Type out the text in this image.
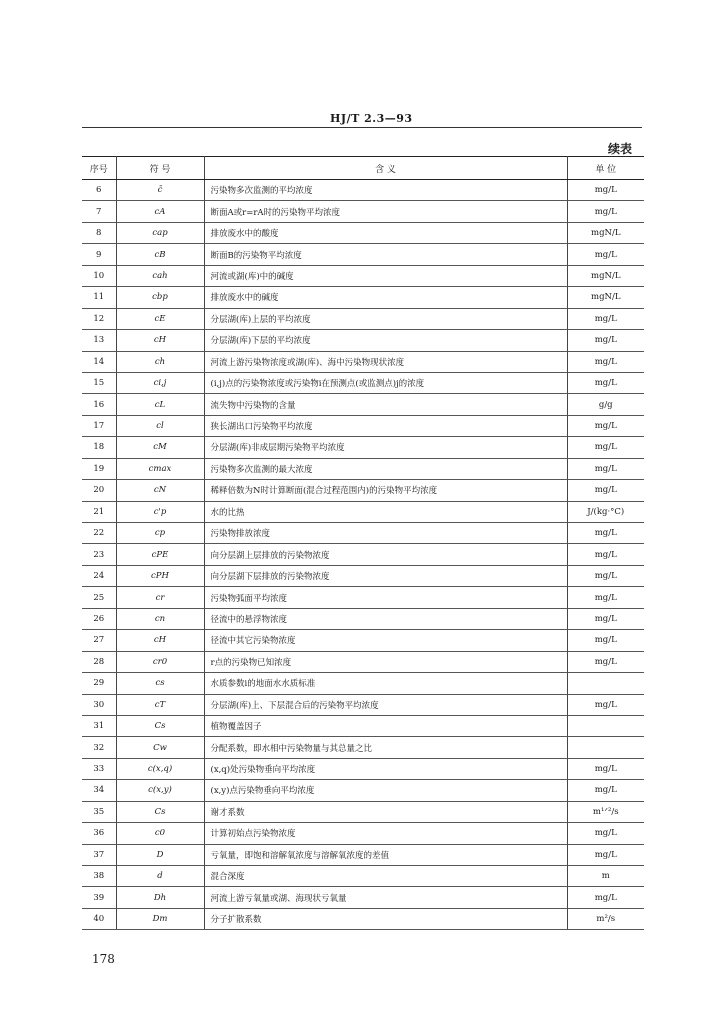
HJ/T 2.3—93
续表
序号	符 号	含 义	单 位
6	c̄	污染物多次监测的平均浓度	mg/L
7	cA	断面A或r=rA时的污染物平均浓度	mg/L
8	cap	排放废水中的酸度	mgN/L
9	cB	断面B的污染物平均浓度	mg/L
10	cah	河流或湖(库)中的碱度	mgN/L
11	cbp	排放废水中的碱度	mgN/L
12	cE	分层湖(库)上层的平均浓度	mg/L
13	cH	分层湖(库)下层的平均浓度	mg/L
14	ch	河流上游污染物浓度或湖(库)、海中污染物现状浓度	mg/L
15	ci,j	(i,j)点的污染物浓度或污染物i在预测点(或监测点)j的浓度	mg/L
16	cL	流失物中污染物的含量	g/g
17	cl	狭长湖出口污染物平均浓度	mg/L
18	cM	分层湖(库)非成层期污染物平均浓度	mg/L
19	cmax	污染物多次监测的最大浓度	mg/L
20	cN	稀释倍数为N时计算断面(混合过程范围内)的污染物平均浓度	mg/L
21	c'p	水的比热	J/(kg·°C)
22	cp	污染物排放浓度	mg/L
23	cPE	向分层湖上层排放的污染物浓度	mg/L
24	cPH	向分层湖下层排放的污染物浓度	mg/L
25	cr	污染物弧面平均浓度	mg/L
26	cn	径流中的悬浮物浓度	mg/L
27	cH	径流中其它污染物浓度	mg/L
28	cr0	r点的污染物已知浓度	mg/L
29	cs	水质参数i的地面水水质标准	
30	cT	分层湖(库)上、下层混合后的污染物平均浓度	mg/L
31	Cs	植物覆盖因子	
32	Cw	分配系数，即水相中污染物量与其总量之比	
33	c(x,q)	(x,q)处污染物垂向平均浓度	mg/L
34	c(x,y)	(x,y)点污染物垂向平均浓度	mg/L
35	Cs	谢才系数	m¹ᐟ²/s
36	c0	计算初始点污染物浓度	mg/L
37	D	亏氧量，即饱和溶解氧浓度与溶解氧浓度的差值	mg/L
38	d	混合深度	m
39	Dh	河流上游亏氧量或湖、海现状亏氧量	mg/L
40	Dm	分子扩散系数	m²/s
178
